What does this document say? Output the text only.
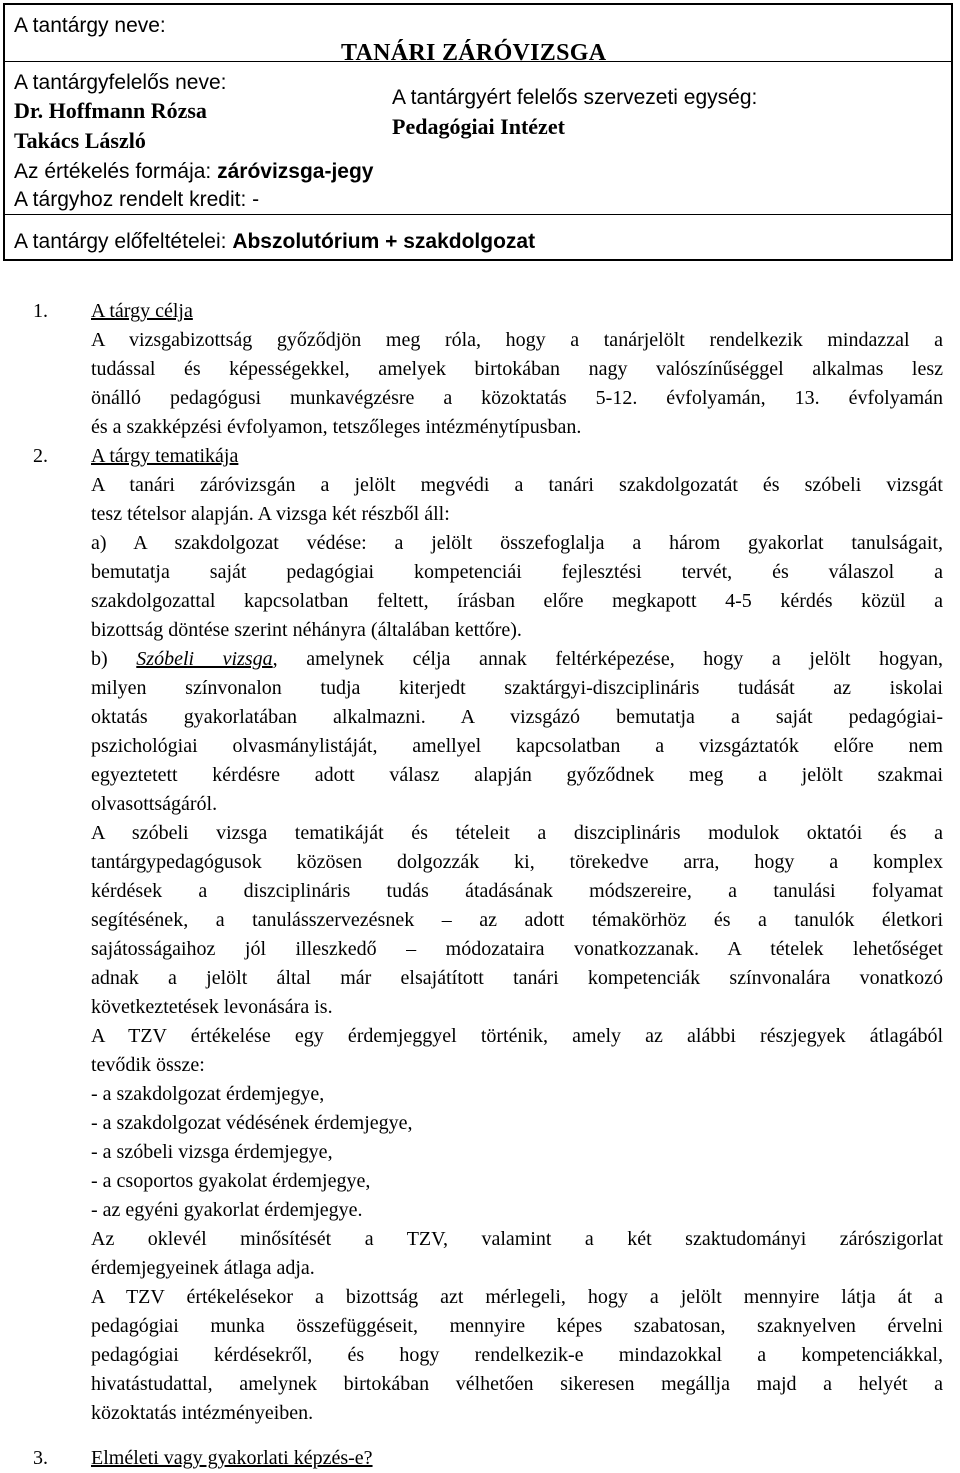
A tantárgy neve:
TANÁRI ZÁRÓVIZSGA
A tantárgyfelelős neve:
Dr. Hoffmann Rózsa
Takács László
A tantárgyért felelős szervezeti egység:
Pedagógiai Intézet
Az értékelés formája: záróvizsga-jegy
A tárgyhoz rendelt kredit: -
A tantárgy előfeltételei: Abszolutórium + szakdolgozat
1. A tárgy célja
A vizsgabizottság győződjön meg róla, hogy a tanárjelölt rendelkezik mindazzal a
tudással és képességekkel, amelyek birtokában nagy valószínűséggel alkalmas lesz
önálló pedagógusi munkavégzésre a közoktatás 5-12. évfolyamán, 13. évfolyamán
és a szakképzési évfolyamon, tetszőleges intézménytípusban.
2. A tárgy tematikája
A tanári záróvizsgán a jelölt megvédi a tanári szakdolgozatát és szóbeli vizsgát
tesz tételsor alapján. A vizsga két részből áll:
a) A szakdolgozat védése: a jelölt összefoglalja a három gyakorlat tanulságait,
bemutatja saját pedagógiai kompetenciái fejlesztési tervét, és válaszol a
szakdolgozattal kapcsolatban feltett, írásban előre megkapott 4-5 kérdés közül a
bizottság döntése szerint néhányra (általában kettőre).
b) Szóbeli vizsga, amelynek célja annak feltérképezése, hogy a jelölt hogyan,
milyen színvonalon tudja kiterjedt szaktárgyi-diszciplináris tudását az iskolai
oktatás gyakorlatában alkalmazni. A vizsgázó bemutatja a saját pedagógiai-
pszichológiai olvasmánylistáját, amellyel kapcsolatban a vizsgáztatók előre nem
egyeztetett kérdésre adott válasz alapján győződnek meg a jelölt szakmai
olvasottságáról.
A szóbeli vizsga tematikáját és tételeit a diszciplináris modulok oktatói és a
tantárgypedagógusok közösen dolgozzák ki, törekedve arra, hogy a komplex
kérdések a diszciplináris tudás átadásának módszereire, a tanulási folyamat
segítésének, a tanulásszervezésnek – az adott témakörhöz és a tanulók életkori
sajátosságaihoz jól illeszkedő – módozataira vonatkozzanak. A tételek lehetőséget
adnak a jelölt által már elsajátított tanári kompetenciák színvonalára vonatkozó
következtetések levonására is.
A TZV értékelése egy érdemjeggyel történik, amely az alábbi részjegyek átlagából
tevődik össze:
- a szakdolgozat érdemjegye,
- a szakdolgozat védésének érdemjegye,
- a szóbeli vizsga érdemjegye,
- a csoportos gyakolat érdemjegye,
- az egyéni gyakorlat érdemjegye.
Az oklevél minősítését a TZV, valamint a két szaktudományi zárószigorlat
érdemjegyeinek átlaga adja.
A TZV értékelésekor a bizottság azt mérlegeli, hogy a jelölt mennyire látja át a
pedagógiai munka összefüggéseit, mennyire képes szabatosan, szaknyelven érvelni
pedagógiai kérdésekről, és hogy rendelkezik-e mindazokkal a kompetenciákkal,
hivatástudattal, amelynek birtokában vélhetően sikeresen megállja majd a helyét a
közoktatás intézményeiben.
3. Elméleti vagy gyakorlati képzés-e?
